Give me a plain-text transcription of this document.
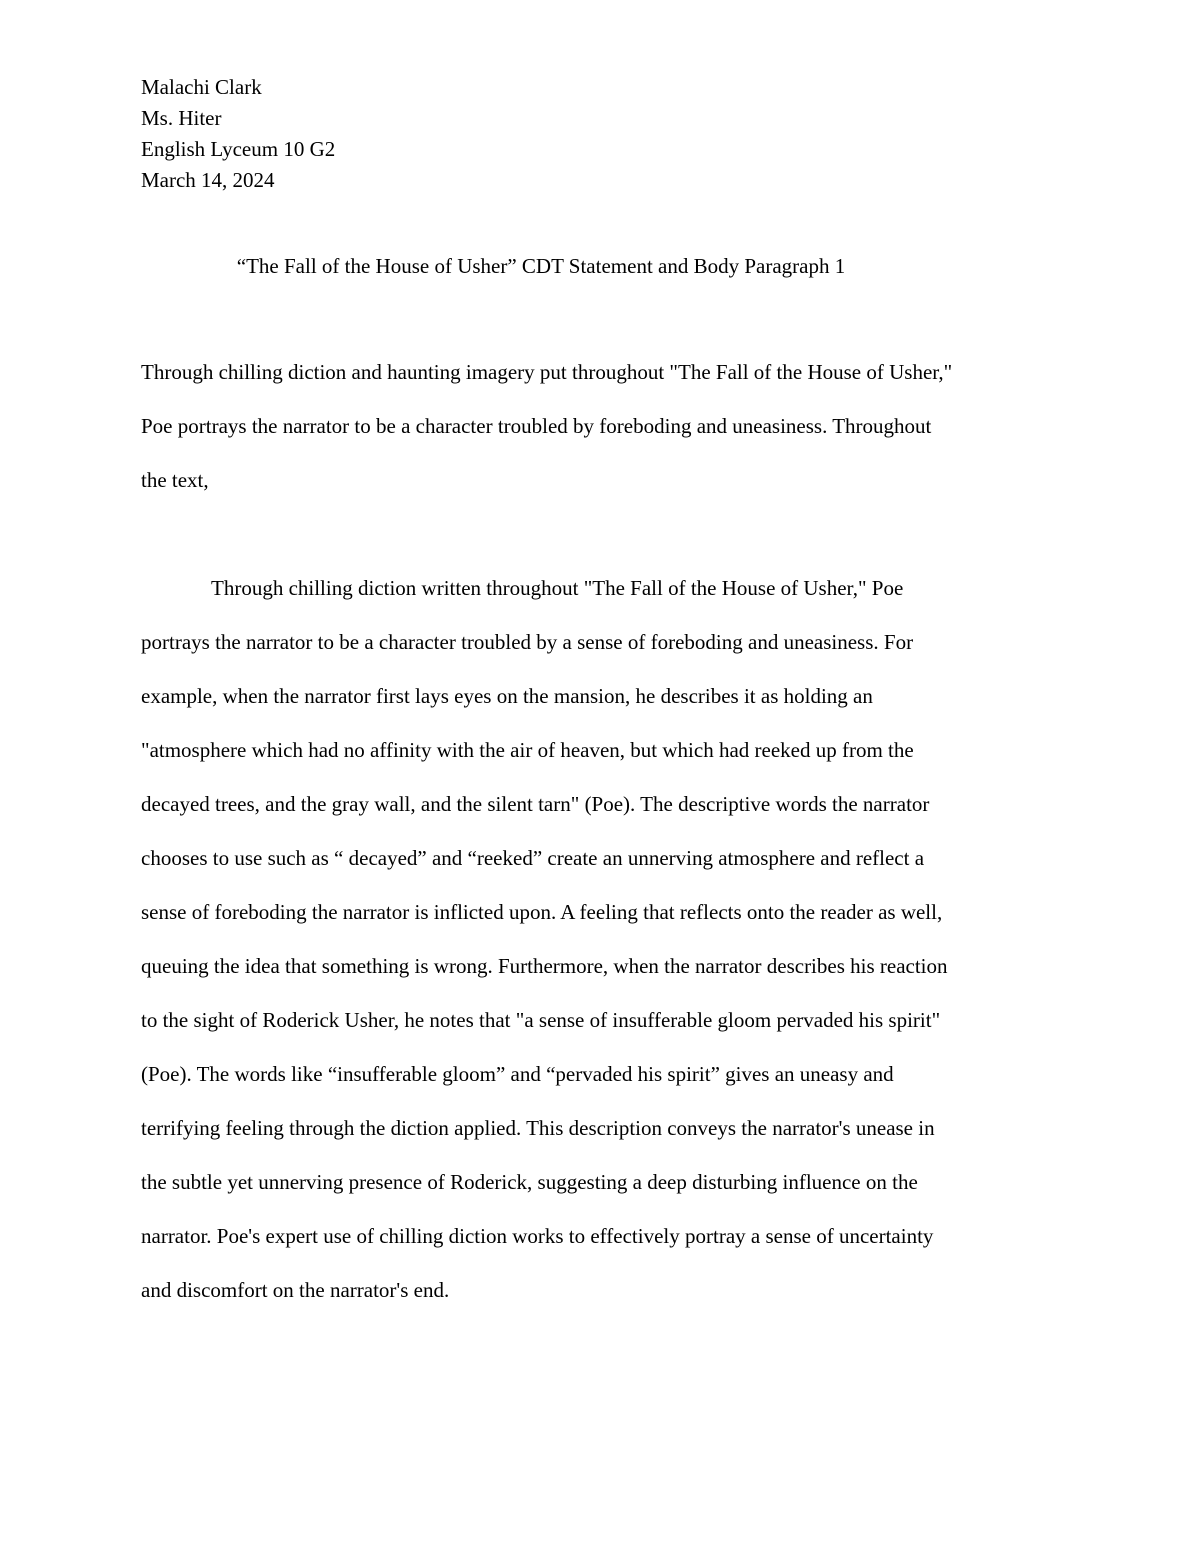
Malachi Clark
Ms. Hiter
English Lyceum 10 G2
March 14, 2024
“The Fall of the House of Usher” CDT Statement and Body Paragraph 1
Through chilling diction and haunting imagery put throughout "The Fall of the House of Usher,"
Poe portrays the narrator to be a character troubled by foreboding and uneasiness. Throughout
the text,
Through chilling diction written throughout "The Fall of the House of Usher," Poe
portrays the narrator to be a character troubled by a sense of foreboding and uneasiness. For
example, when the narrator first lays eyes on the mansion, he describes it as holding an
"atmosphere which had no affinity with the air of heaven, but which had reeked up from the
decayed trees, and the gray wall, and the silent tarn" (Poe). The descriptive words the narrator
chooses to use such as “ decayed” and “reeked” create an unnerving atmosphere and reflect a
sense of foreboding the narrator is inflicted upon. A feeling that reflects onto the reader as well,
queuing the idea that something is wrong. Furthermore, when the narrator describes his reaction
to the sight of Roderick Usher, he notes that "a sense of insufferable gloom pervaded his spirit"
(Poe). The words like “insufferable gloom” and “pervaded his spirit” gives an uneasy and
terrifying feeling through the diction applied. This description conveys the narrator's unease in
the subtle yet unnerving presence of Roderick, suggesting a deep disturbing influence on the
narrator. Poe's expert use of chilling diction works to effectively portray a sense of uncertainty
and discomfort on the narrator's end.
